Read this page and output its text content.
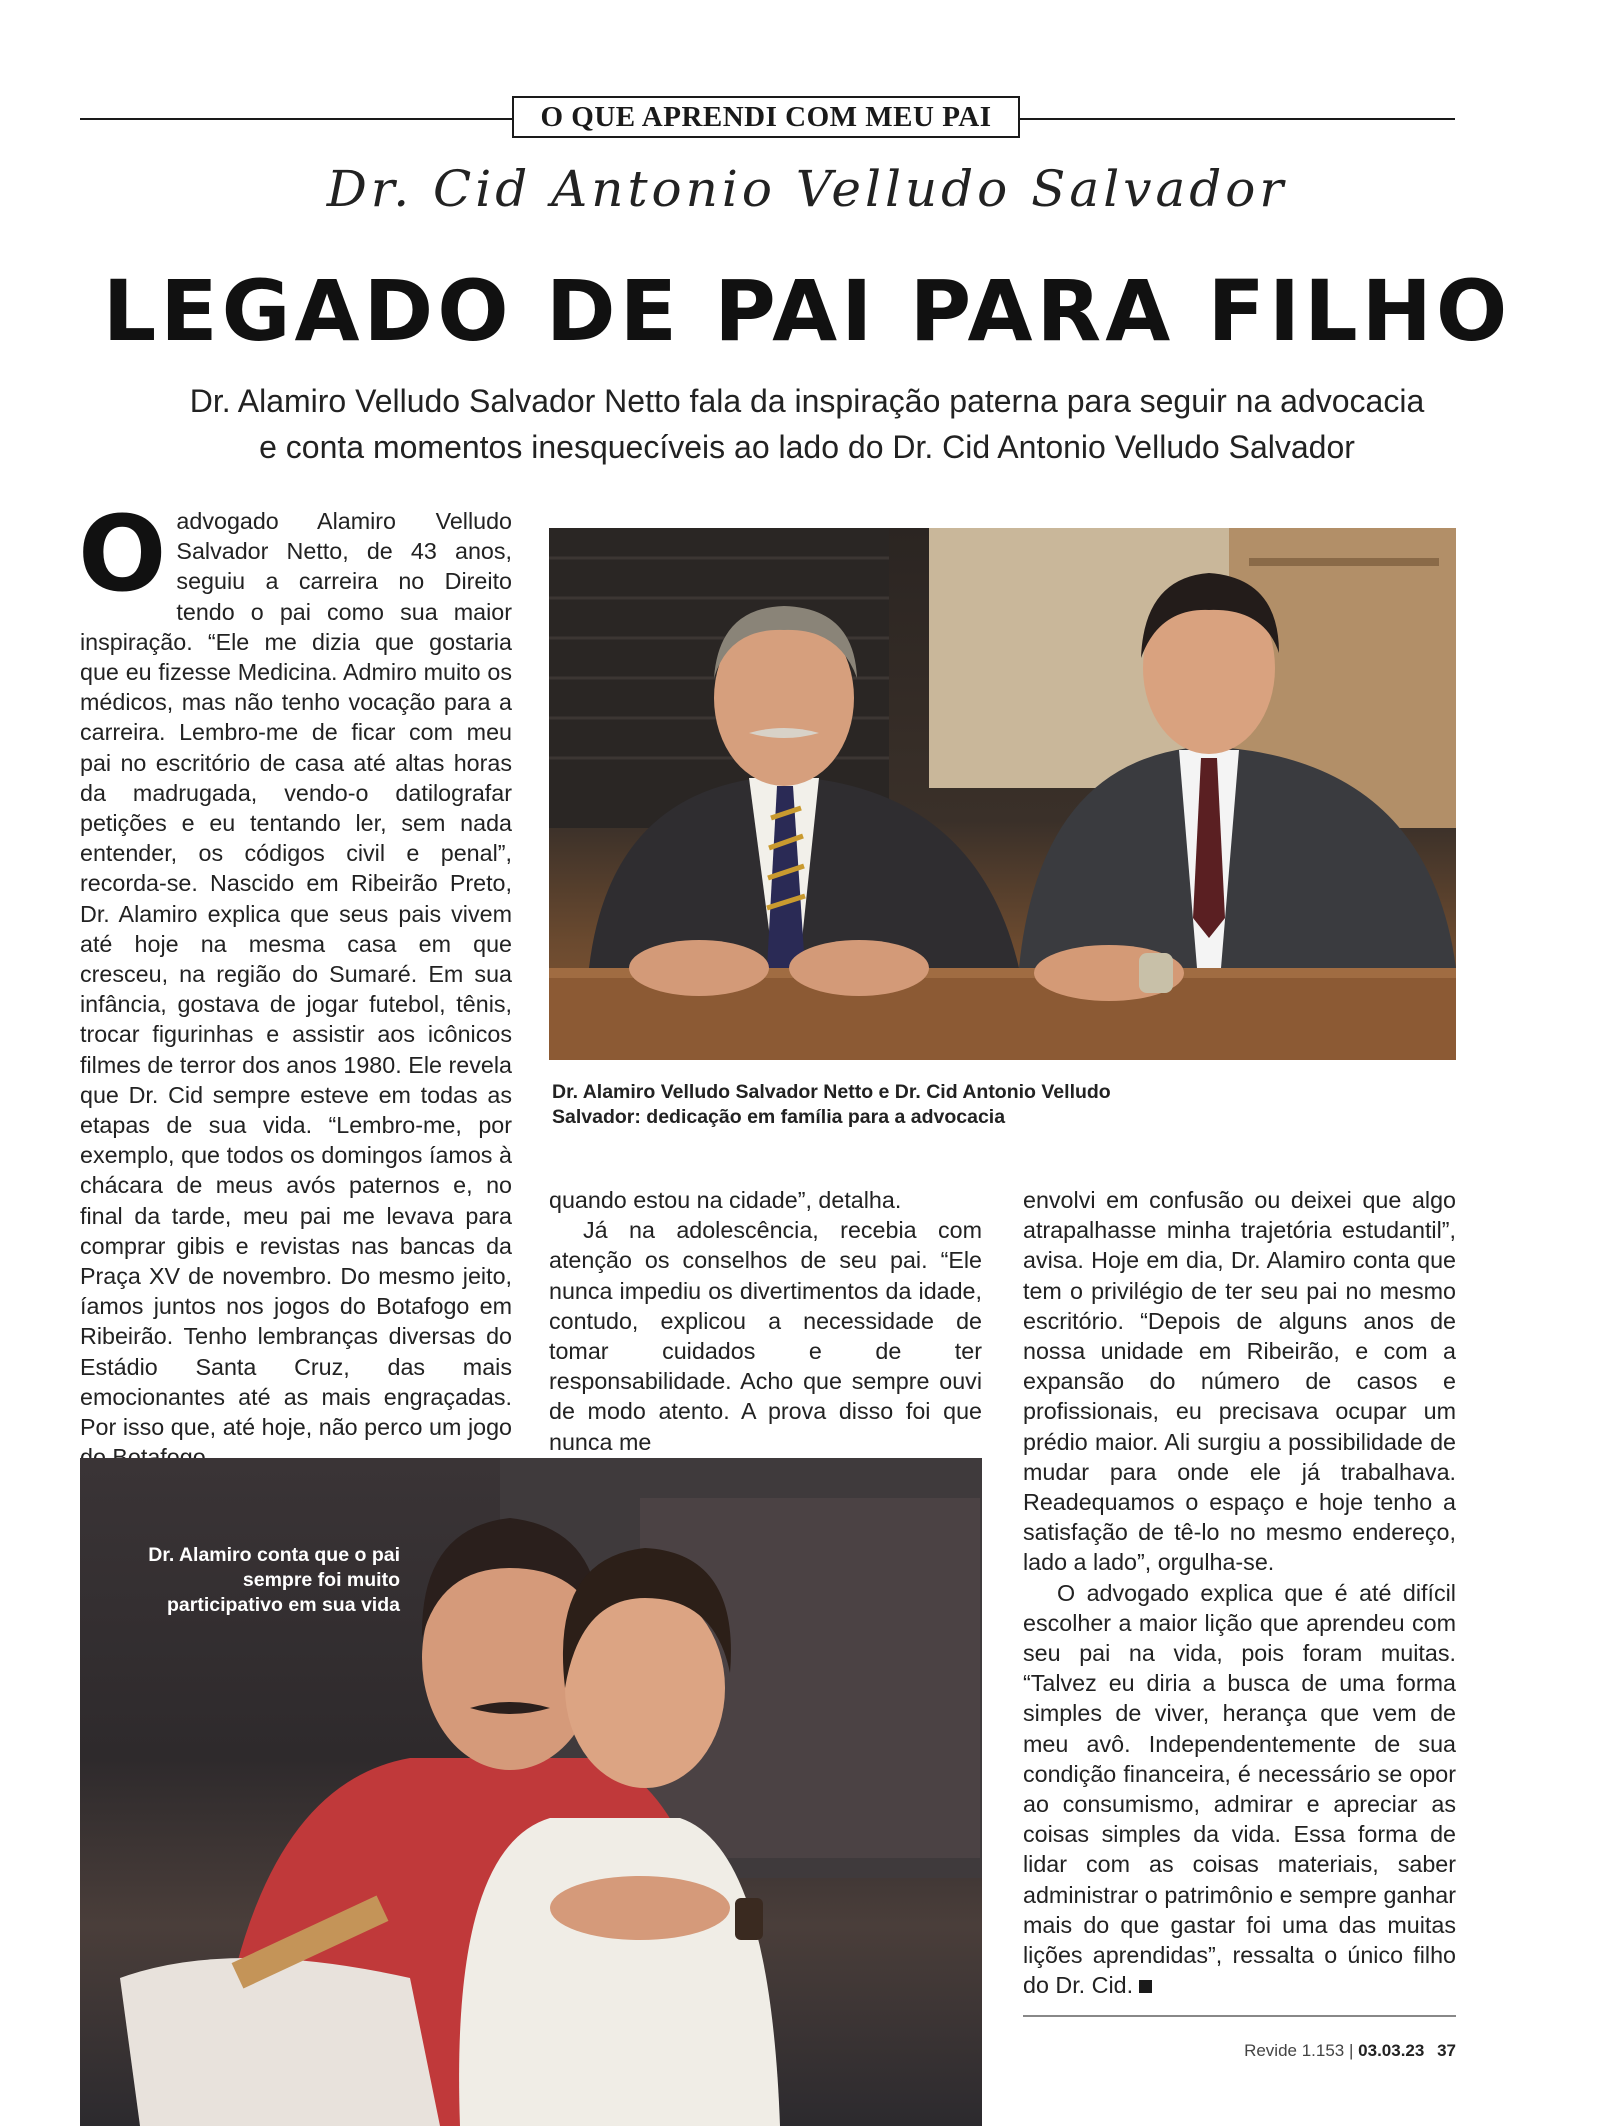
O QUE APRENDI COM MEU PAI
Dr. Cid Antonio Velludo Salvador
LEGADO DE PAI PARA FILHO
Dr. Alamiro Velludo Salvador Netto fala da inspiração paterna para seguir na advocacia
e conta momentos inesquecíveis ao lado do Dr. Cid Antonio Velludo Salvador

Oadvogado Alamiro Velludo Salvador Netto, de 43 anos, seguiu a carreira no Direito tendo o pai como sua maior inspiração. “Ele me dizia que gostaria que eu fizesse Medicina. Admiro muito os médicos, mas não tenho vocação para a carreira. Lembro-me de ficar com meu pai no escritório de casa até altas horas da madrugada, vendo-o datilografar petições e eu tentando ler, sem nada entender, os códigos civil e penal”, recorda-se. Nascido em Ribeirão Preto, Dr. Alamiro explica que seus pais vivem até hoje na mesma casa em que cresceu, na região do Sumaré. Em sua infância, gostava de jogar futebol, tênis, trocar figurinhas e assistir aos icônicos filmes de terror dos anos 1980. Ele revela que Dr. Cid sempre esteve em todas as etapas de sua vida. “Lembro-me, por exemplo, que todos os domingos íamos à chácara de meus avós paternos e, no final da tarde, meu pai me levava para comprar gibis e revistas nas bancas da Praça XV de novembro. Do mesmo jeito, íamos juntos nos jogos do Botafogo em Ribeirão. Tenho lembranças diversas do Estádio Santa Cruz, das mais emocionantes até as mais engraçadas. Por isso que, até hoje, não perco um jogo

Dr. Alamiro Velludo Salvador Netto e Dr. Cid Antonio Velludo Salvador: dedicação em família para a advocacia

quando estou na cidade”, detalha.

Já na adolescência, recebia com atenção os conselhos de seu pai. “Ele nunca impediu os divertimentos da idade, contudo, explicou a necessidade de tomar cuidados e de ter responsabilidade. Acho que sempre ouvi de modo atento. A prova disso foi que nunca me

envolvi em confusão ou deixei que algo atrapalhasse minha trajetória estudantil”, avisa. Hoje em dia, Dr. Alamiro conta que tem o privilégio de ter seu pai no mesmo escritório. “Depois de alguns anos de nossa unidade em Ribeirão, e com a expansão do número de casos e profissionais, eu precisava ocupar um prédio maior. Ali surgiu a possibilidade de mudar para onde ele já trabalhava. Readequamos o espaço e hoje tenho a satisfação de tê-lo no mesmo endereço, lado a lado”, orgulha-se.

O advogado explica que é até difícil escolher a maior lição que aprendeu com seu pai na vida, pois foram muitas. “Talvez eu diria a busca de uma forma simples de viver, herança que vem de meu avô. Independentemente de sua condição financeira, é necessário se opor ao consumismo, admirar e apreciar as coisas simples da vida. Essa forma de lidar com as coisas materiais, saber administrar o patrimônio e sempre ganhar mais do que gastar foi uma das muitas lições aprendidas”, ressalta o único filho do Dr. Cid.

Dr. Alamiro conta que o pai sempre foi muito participativo em sua vida
Revide 1.153 | 03.03.23 37
